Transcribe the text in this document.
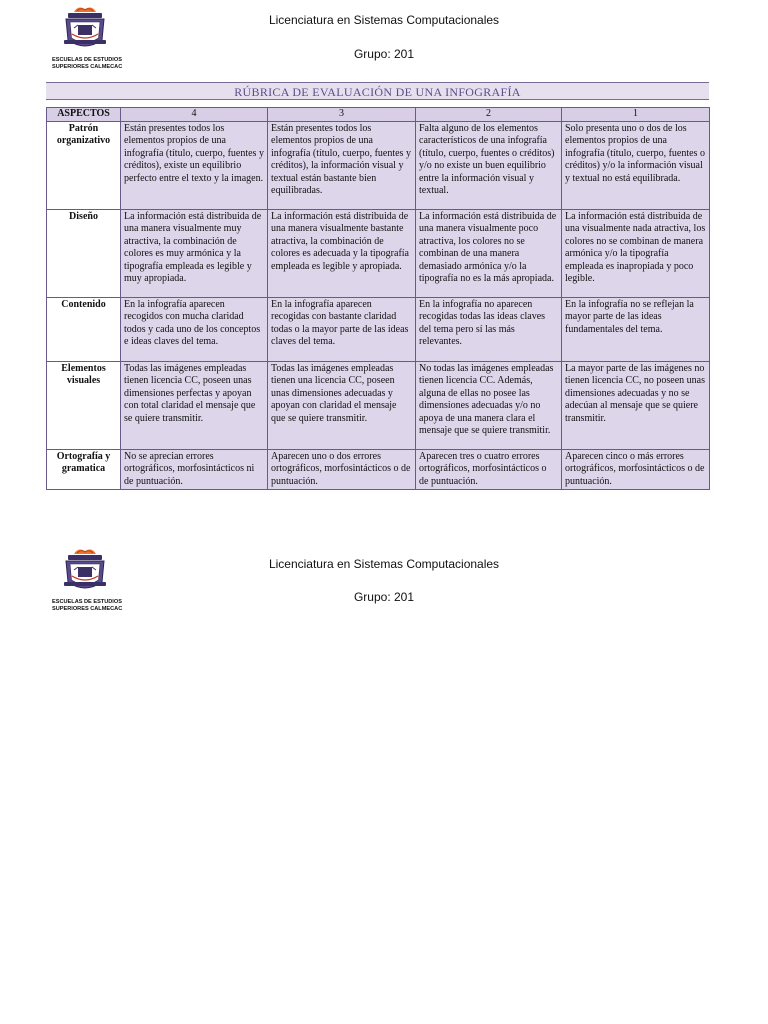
ESCUELAS DE ESTUDIOS
SUPERIORES CALMECAC
Licenciatura en Sistemas Computacionales
Grupo: 201
RÚBRICA DE EVALUACIÓN DE UNA INFOGRAFÍA
ASPECTOS	4	3	2	1
Patrón organizativo	Están presentes todos los elementos propios de una infografía (título, cuerpo, fuentes y créditos), existe un equilibrio perfecto entre el texto y la imagen.	Están presentes todos los elementos propios de una infografía (título, cuerpo, fuentes y créditos), la información visual y textual están bastante bien equilibradas.	Falta alguno de los elementos característicos de una infografía (título, cuerpo, fuentes o créditos) y/o no existe un buen equilibrio entre la información visual y textual.	Solo presenta uno o dos de los elementos propios de una infografía (título, cuerpo, fuentes o créditos) y/o la información visual y textual no está equilibrada.
Diseño	La información está distribuida de una manera visualmente muy atractiva, la combinación de colores es muy armónica y la tipografía empleada es legible y muy apropiada.	La información está distribuida de una manera visualmente bastante atractiva, la combinación de colores es adecuada y la tipografía empleada es legible y apropiada.	La información está distribuida de una manera visualmente poco atractiva, los colores no se combinan de una manera demasiado armónica y/o la tipografía no es la más apropiada.	La información está distribuida de una visualmente nada atractiva, los colores no se combinan de manera armónica y/o la tipografía empleada es inapropiada y poco legible.
Contenido	En la infografía aparecen recogidos con mucha claridad todos y cada uno de los conceptos e ideas claves del tema.	En la infografía aparecen recogidas con bastante claridad todas o la mayor parte de las ideas claves del tema.	En la infografía no aparecen recogidas todas las ideas claves del tema pero sí las más relevantes.	En la infografía no se reflejan la mayor parte de las ideas fundamentales del tema.
Elementos visuales	Todas las imágenes empleadas tienen licencia CC, poseen unas dimensiones perfectas y apoyan con total claridad el mensaje que se quiere transmitir.	Todas las imágenes empleadas tienen una licencia CC, poseen unas dimensiones adecuadas y apoyan con claridad el mensaje que se quiere transmitir.	No todas las imágenes empleadas tienen licencia CC. Además, alguna de ellas no posee las dimensiones adecuadas y/o no apoya de una manera clara el mensaje que se quiere transmitir.	La mayor parte de las imágenes no tienen licencia CC, no poseen unas dimensiones adecuadas y no se adecúan al mensaje que se quiere transmitir.
Ortografía y gramatica	No se aprecian errores ortográficos, morfosintácticos ni de puntuación.	Aparecen uno o dos errores ortográficos, morfosintácticos o de puntuación.	Aparecen tres o cuatro errores ortográficos, morfosintácticos o de puntuación.	Aparecen cinco o más errores ortográficos, morfosintácticos o de puntuación.
ESCUELAS DE ESTUDIOS
SUPERIORES CALMECAC
Licenciatura en Sistemas Computacionales
Grupo: 201
